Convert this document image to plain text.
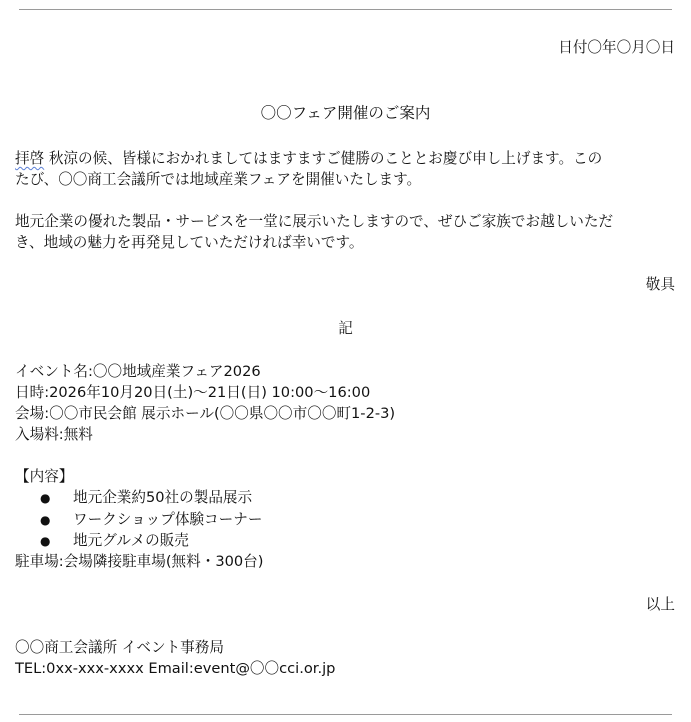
日付〇年〇月〇日
〇〇フェア開催のご案内
拝啓 秋涼の候、皆様におかれましてはますますご健勝のこととお慶び申し上げます。この
たび、〇〇商工会議所では地域産業フェアを開催いたします。
地元企業の優れた製品・サービスを一堂に展示いたしますので、ぜひご家族でお越しいただ
き、地域の魅力を再発見していただければ幸いです。
敬具
記
イベント名:〇〇地域産業フェア2026
日時:2026年10月20日(土)〜21日(日) 10:00〜16:00
会場:〇〇市民会館 展示ホール(〇〇県〇〇市〇〇町1-2-3)
入場料:無料
【内容】
● 地元企業約50社の製品展示
● ワークショップ体験コーナー
● 地元グルメの販売
駐車場:会場隣接駐車場(無料・300台)
以上
〇〇商工会議所 イベント事務局
TEL:0xx-xxx-xxxx Email:event@〇〇cci.or.jp
